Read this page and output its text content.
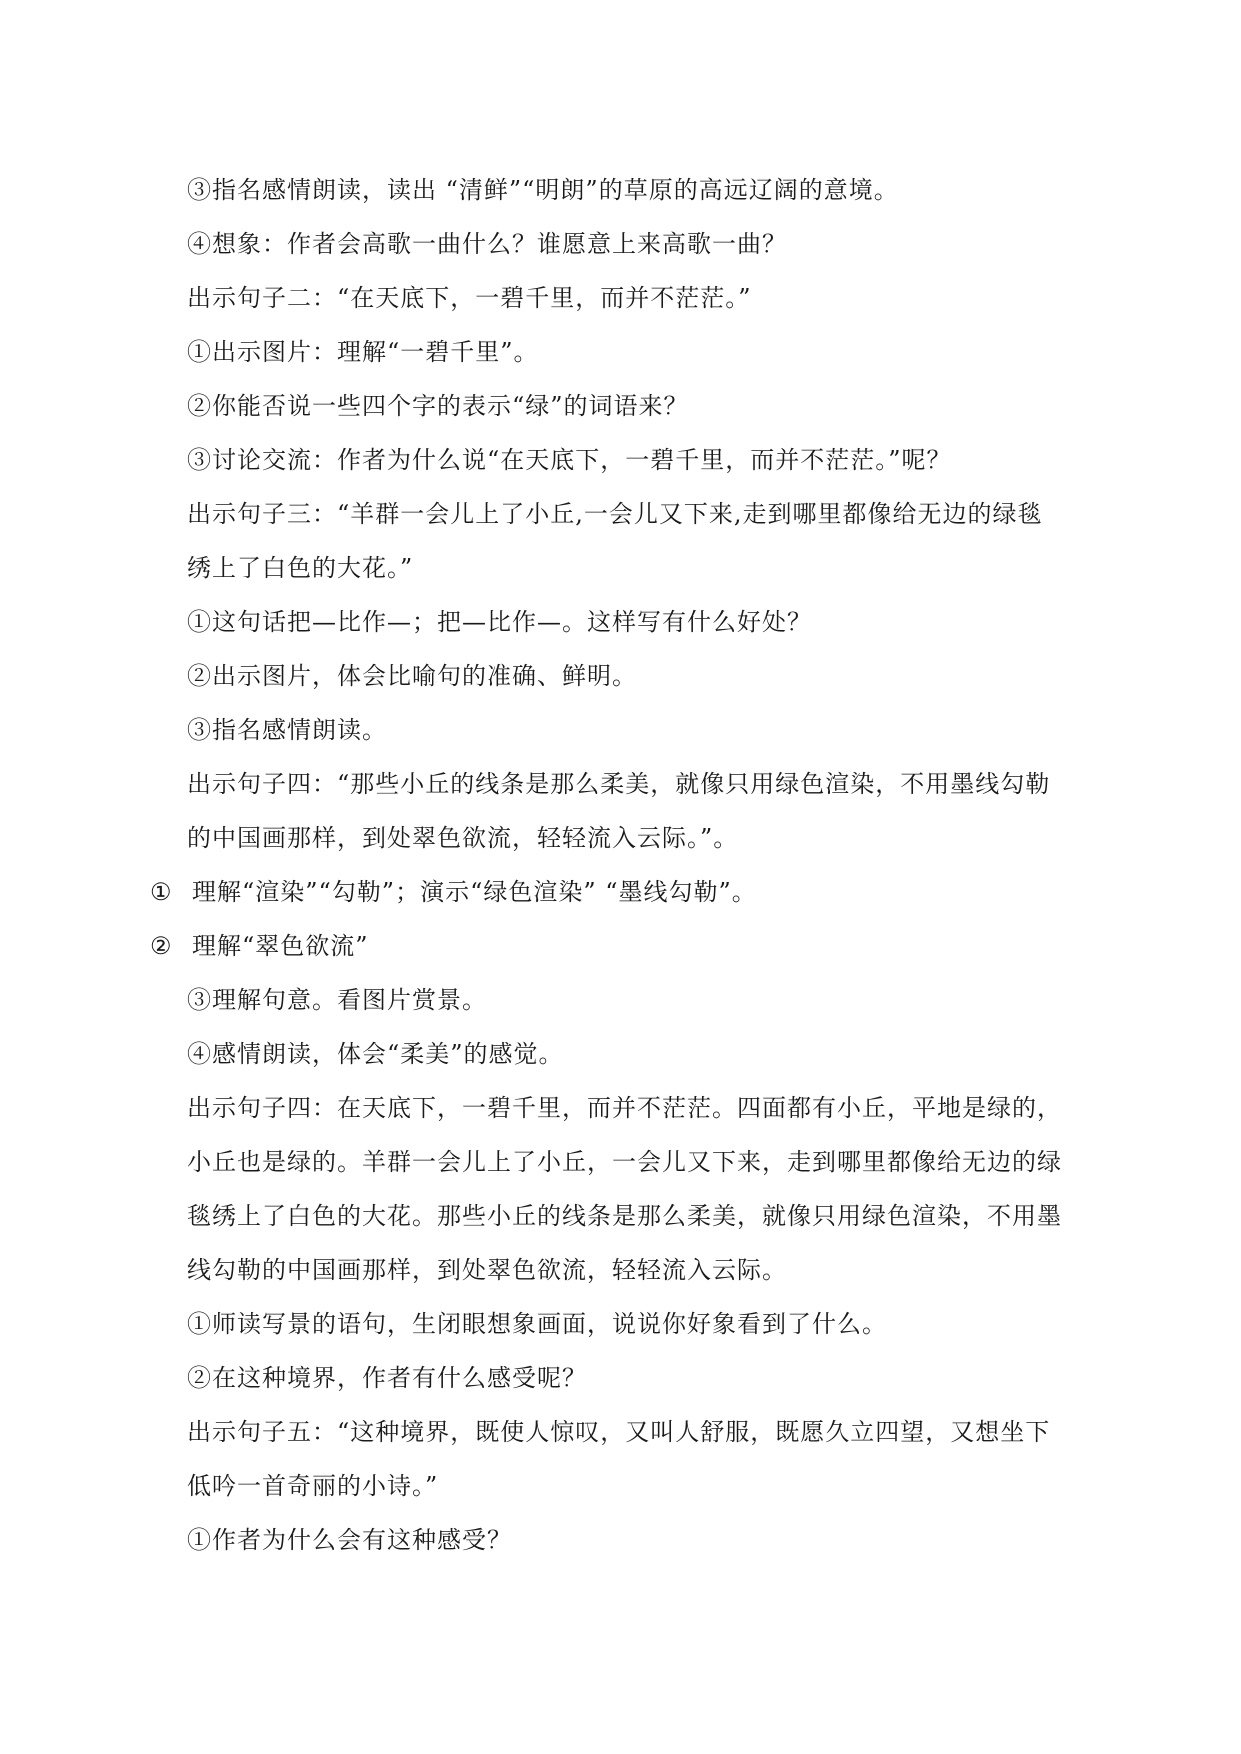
③指名感情朗读，读出 “清鲜”“明朗”的草原的高远辽阔的意境。
④想象：作者会高歌一曲什么？谁愿意上来高歌一曲？
出示句子二：“在天底下，一碧千里，而并不茫茫。”
①出示图片：理解“一碧千里”。
②你能否说一些四个字的表示“绿”的词语来？
③讨论交流：作者为什么说“在天底下，一碧千里，而并不茫茫。”呢？
出示句子三：“羊群一会儿上了小丘,一会儿又下来,走到哪里都像给无边的绿毯
绣上了白色的大花。”
①这句话把—比作—；把—比作—。这样写有什么好处？
②出示图片，体会比喻句的准确、鲜明。
③指名感情朗读。
出示句子四：“那些小丘的线条是那么柔美，就像只用绿色渲染，不用墨线勾勒
的中国画那样，到处翠色欲流，轻轻流入云际。”。
① 理解“渲染”“勾勒”；演示“绿色渲染” “墨线勾勒”。
② 理解“翠色欲流”
③理解句意。看图片赏景。
④感情朗读，体会“柔美”的感觉。
出示句子四：在天底下，一碧千里，而并不茫茫。四面都有小丘，平地是绿的，
小丘也是绿的。羊群一会儿上了小丘，一会儿又下来，走到哪里都像给无边的绿
毯绣上了白色的大花。那些小丘的线条是那么柔美，就像只用绿色渲染，不用墨
线勾勒的中国画那样，到处翠色欲流，轻轻流入云际。
①师读写景的语句，生闭眼想象画面，说说你好象看到了什么。
②在这种境界，作者有什么感受呢？
出示句子五：“这种境界，既使人惊叹，又叫人舒服，既愿久立四望，又想坐下
低吟一首奇丽的小诗。”
①作者为什么会有这种感受？
